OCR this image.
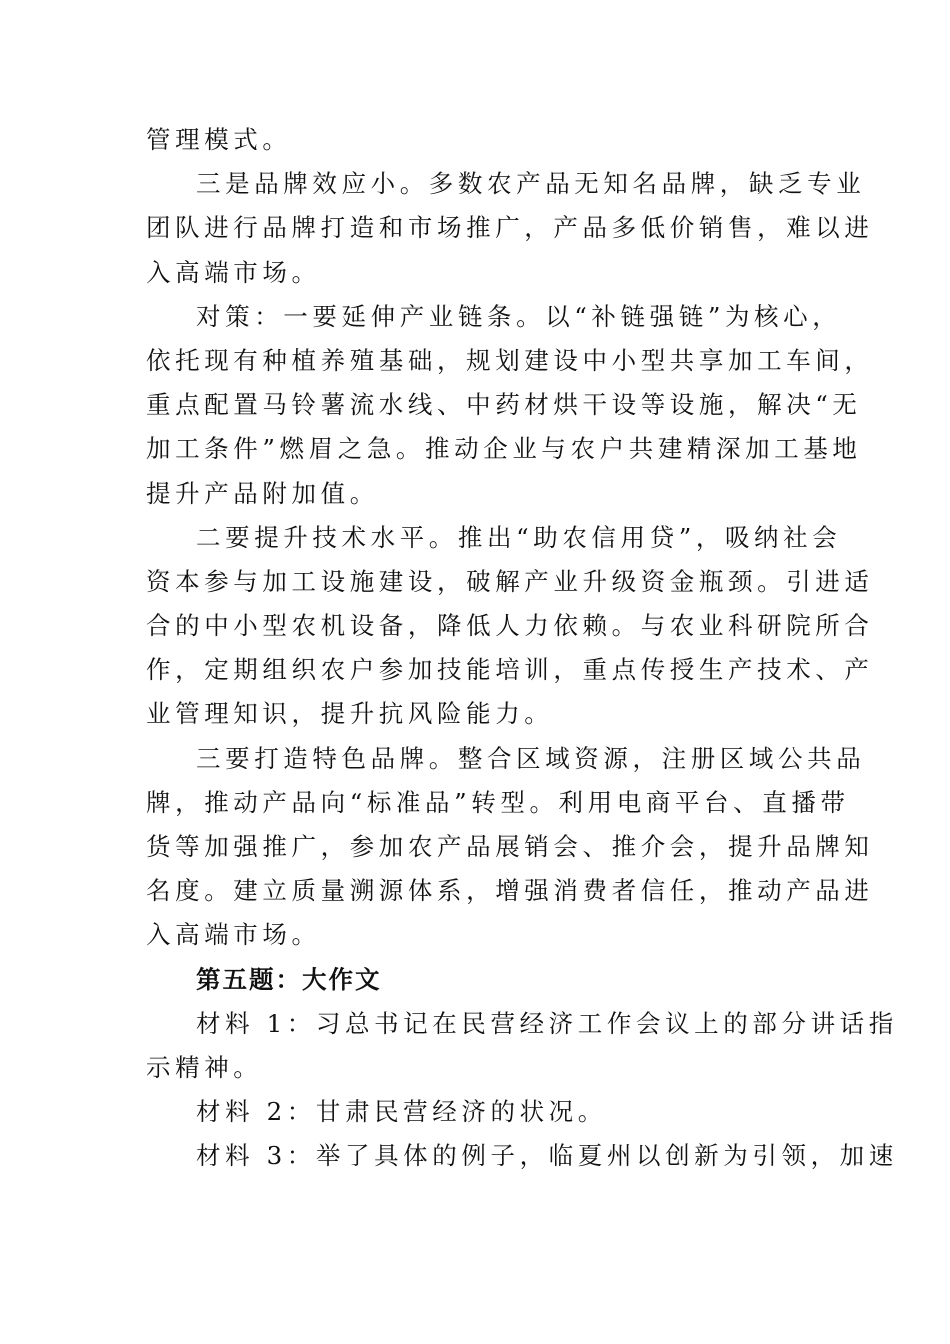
管理模式。
三是品牌效应小。多数农产品无知名品牌，缺乏专业
团队进行品牌打造和市场推广，产品多低价销售，难以进
入高端市场。
对策：一要延伸产业链条。以“补链强链”为核心，
依托现有种植养殖基础，规划建设中小型共享加工车间，
重点配置马铃薯流水线、中药材烘干设等设施，解决“无
加工条件”燃眉之急。推动企业与农户共建精深加工基地
提升产品附加值。
二要提升技术水平。推出“助农信用贷”，吸纳社会
资本参与加工设施建设，破解产业升级资金瓶颈。引进适
合的中小型农机设备，降低人力依赖。与农业科研院所合
作，定期组织农户参加技能培训，重点传授生产技术、产
业管理知识，提升抗风险能力。
三要打造特色品牌。整合区域资源，注册区域公共品
牌，推动产品向“标准品”转型。利用电商平台、直播带
货等加强推广，参加农产品展销会、推介会，提升品牌知
名度。建立质量溯源体系，增强消费者信任，推动产品进
入高端市场。
第五题：大作文
材料 1：习总书记在民营经济工作会议上的部分讲话指
示精神。
材料 2：甘肃民营经济的状况。
材料 3：举了具体的例子，临夏州以创新为引领，加速
